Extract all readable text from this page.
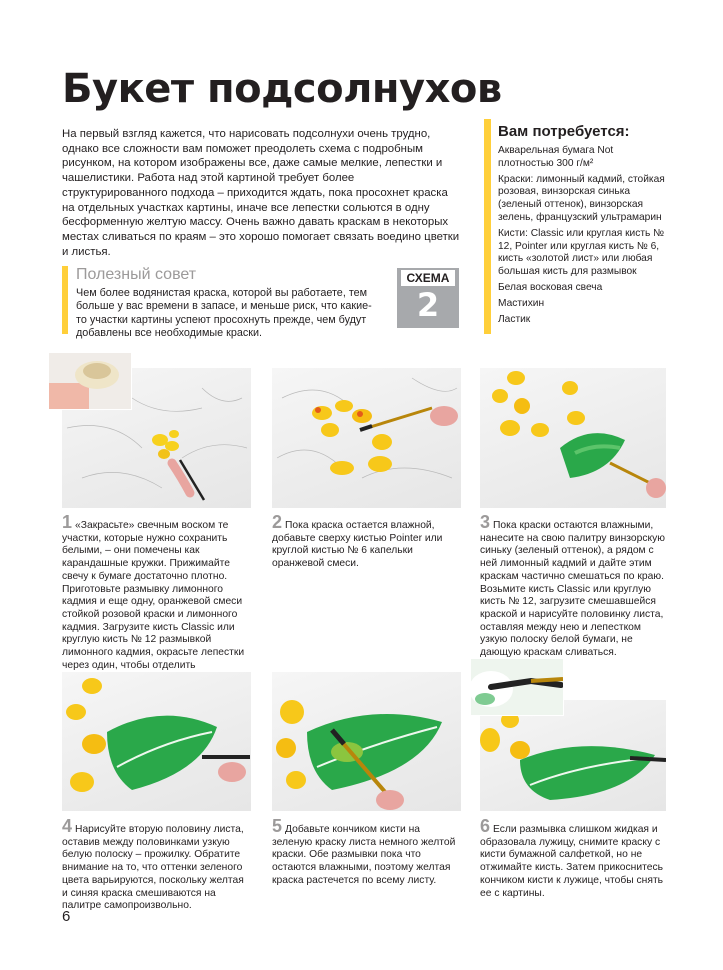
Букет подсолнухов
На первый взгляд кажется, что нарисовать подсолнухи очень трудно, однако все сложности вам поможет преодолеть схема с подробным рисунком, на котором изображены все, даже самые мелкие, лепестки и чашелистики. Работа над этой картиной требует более структурированного подхода – приходится ждать, пока просохнет краска на отдельных участках картины, иначе все лепестки сольются в одну бесформенную желтую массу. Очень важно давать краскам в некоторых местах сливаться по краям – это хорошо помогает связать воедино цветки и листья.
Вам потребуется:
Акварельная бумага Not плотностью 300 г/м²
Краски: лимонный кадмий, стойкая розовая, винзорская синька (зеленый оттенок), винзорская зелень, французский ультрамарин
Кисти: Classic или круглая кисть № 12, Pointer или круглая кисть № 6, кисть «золотой лист» или любая большая кисть для размывок
Белая восковая свеча
Мастихин
Ластик
Полезный совет
Чем более водянистая краска, которой вы работаете, тем больше у вас времени в запасе, и меньше риск, что какие-то участки картины успеют просохнуть прежде, чем будут добавлены все необходимые краски.
СХЕМА
2
1 «Закрасьте» свечным воском те участки, которые нужно сохранить белыми, – они помечены как карандашные кружки. Прижимайте свечу к бумаге достаточно плотно. Приготовьте размывку лимонного кадмия и еще одну, оранжевой смеси стойкой розовой краски и лимонного кадмия. Загрузите кисть Classic или круглую кисть № 12 размывкой лимонного кадмия, окрасьте лепестки через один, чтобы отделить
2 Пока краска остается влажной, добавьте сверху кистью Pointer или круглой кистью № 6 капельки оранжевой смеси.
3 Пока краски остаются влажными, нанесите на свою палитру винзорскую синьку (зеленый оттенок), а рядом с ней лимонный кадмий и дайте этим краскам частично смешаться по краю. Возьмите кисть Classic или круглую кисть № 12, загрузите смешавшейся краской и нарисуйте половинку листа, оставляя между нею и лепестком узкую полоску белой бумаги, не дающую краскам сливаться.
4 Нарисуйте вторую половину листа, оставив между половинками узкую белую полоску – прожилку. Обратите внимание на то, что оттенки зеленого цвета варьируются, поскольку желтая и синяя краска смешиваются на палитре самопроизвольно.
5 Добавьте кончиком кисти на зеленую краску листа немного желтой краски. Обе размывки пока что остаются влажными, поэтому желтая краска растечется по всему листу.
6 Если размывка слишком жидкая и образовала лужицу, снимите краску с кисти бумажной салфеткой, но не отжимайте кисть. Затем прикоснитесь кончиком кисти к лужице, чтобы снять ее с картины.
6
